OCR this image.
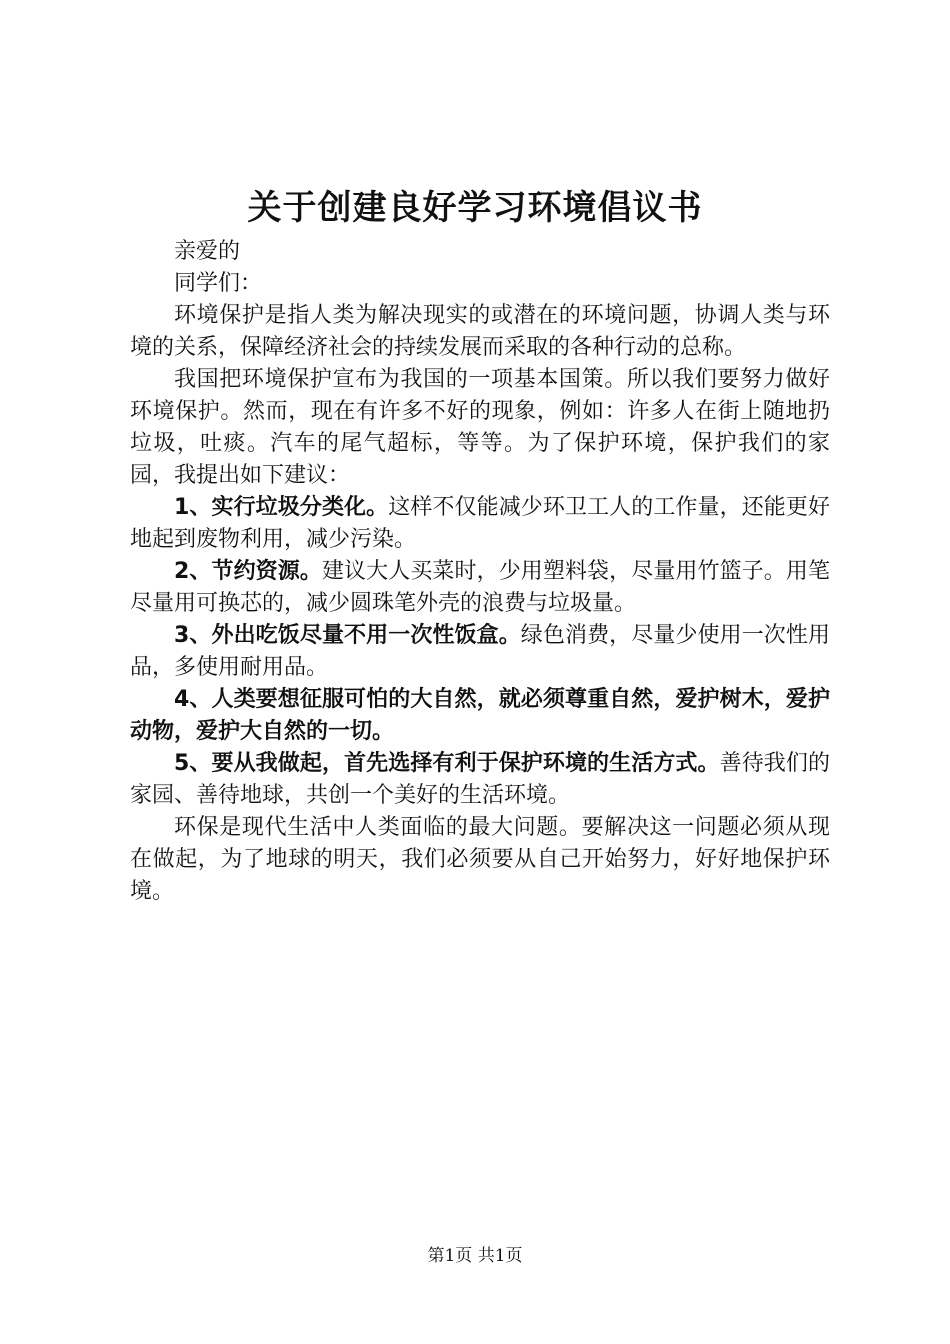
关于创建良好学习环境倡议书

亲爱的

同学们：

环境保护是指人类为解决现实的或潜在的环境问题，协调人类与环境的关系，保障经济社会的持续发展而采取的各种行动的总称。

我国把环境保护宣布为我国的一项基本国策。所以我们要努力做好环境保护。然而，现在有许多不好的现象，例如：许多人在街上随地扔垃圾，吐痰。汽车的尾气超标，等等。为了保护环境，保护我们的家园，我提出如下建议：

1、实行垃圾分类化。这样不仅能减少环卫工人的工作量，还能更好地起到废物利用，减少污染。

2、节约资源。建议大人买菜时，少用塑料袋，尽量用竹篮子。用笔尽量用可换芯的，减少圆珠笔外壳的浪费与垃圾量。

3、外出吃饭尽量不用一次性饭盒。绿色消费，尽量少使用一次性用品，多使用耐用品。

4、人类要想征服可怕的大自然，就必须尊重自然，爱护树木，爱护动物，爱护大自然的一切。

5、要从我做起，首先选择有利于保护环境的生活方式。善待我们的家园、善待地球，共创一个美好的生活环境。

环保是现代生活中人类面临的最大问题。要解决这一问题必须从现在做起，为了地球的明天，我们必须要从自己开始努力，好好地保护环境。

第1页 共1页
